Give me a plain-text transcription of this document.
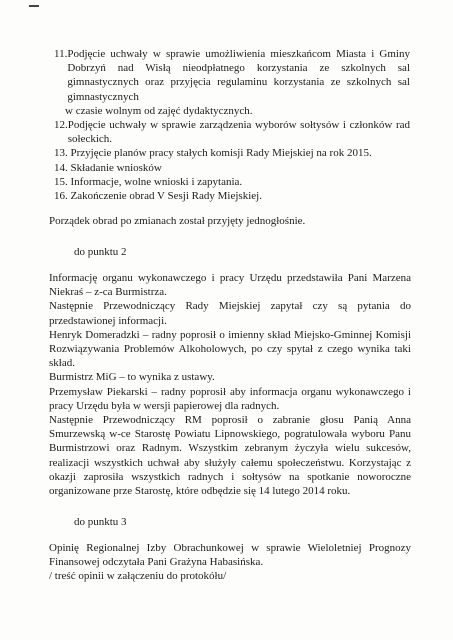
11. Podjęcie uchwały w sprawie umożliwienia mieszkańcom Miasta i Gminy Dobrzyń nad Wisłą nieodpłatnego korzystania ze szkolnych sal gimnastycznych oraz przyjęcia regulaminu korzystania ze szkolnych sal gimnastycznych
w czasie wolnym od zajęć dydaktycznych.
12. Podjęcie uchwały w sprawie zarządzenia wyborów sołtysów i członków rad sołeckich.
13. Przyjęcie planów pracy stałych komisji Rady Miejskiej na rok 2015.
14. Składanie wniosków
15. Informacje, wolne wnioski i zapytania.
16. Zakończenie obrad V Sesji Rady Miejskiej.

Porządek obrad po zmianach został przyjęty jednogłośnie.

do punktu 2

Informację organu wykonawczego i pracy Urzędu przedstawiła Pani Marzena Niekraś – z-ca Burmistrza.

Następnie Przewodniczący Rady Miejskiej zapytał czy są pytania do przedstawionej informacji.

Henryk Domeradzki – radny poprosił o imienny skład Miejsko-Gminnej Komisji Rozwiązywania Problemów Alkoholowych, po czy spytał z czego wynika taki skład.

Burmistrz MiG – to wynika z ustawy.

Przemysław Piekarski – radny poprosił aby informacja organu wykonawczego i pracy Urzędu była w wersji papierowej dla radnych.

Następnie Przewodniczący RM poprosił o zabranie głosu Panią Anna Smurzewską w-ce Starostę Powiatu Lipnowskiego, pogratulowała wyboru Panu Burmistrzowi oraz Radnym. Wszystkim zebranym życzyła wielu sukcesów, realizacji wszystkich uchwał aby służyły całemu społeczeństwu. Korzystając z okazji zaprosiła wszystkich radnych i sołtysów na spotkanie noworoczne organizowane prze Starostę, które odbędzie się 14 lutego 2014 roku.

do punktu 3

Opinię Regionalnej Izby Obrachunkowej w sprawie Wieloletniej Prognozy Finansowej odczytała Pani Grażyna Habasińska.

/ treść opinii w załączeniu do protokółu/
